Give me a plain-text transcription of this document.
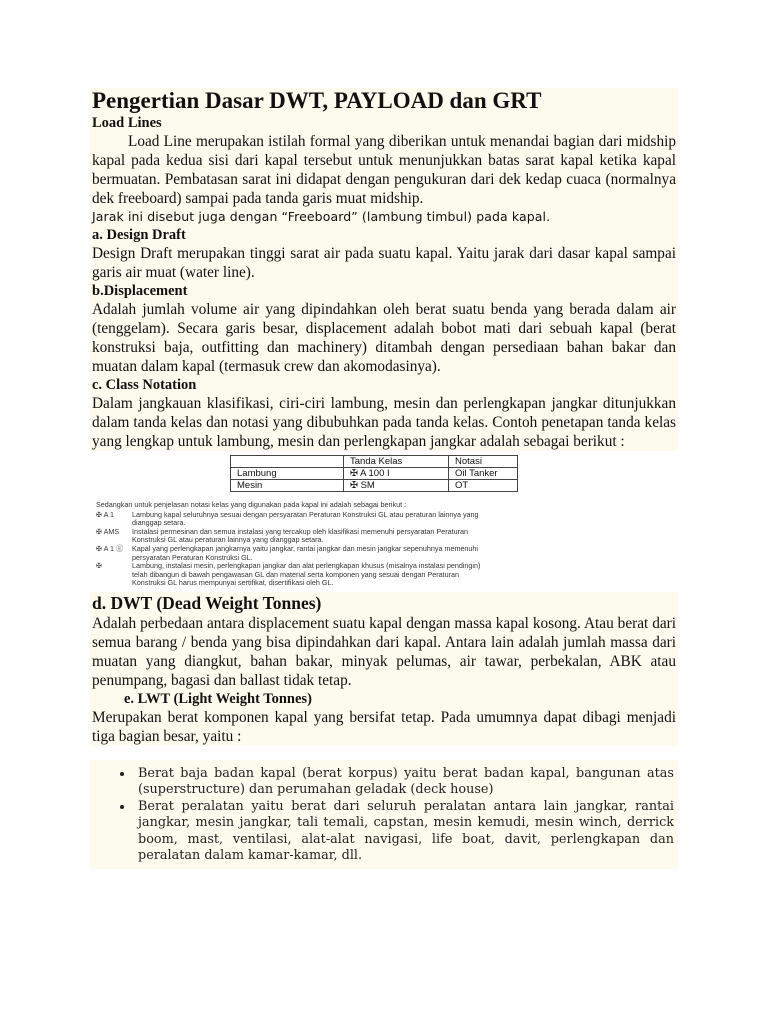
Pengertian Dasar DWT, PAYLOAD dan GRT
Load Lines
Load Line merupakan istilah formal yang diberikan untuk menandai bagian dari midship kapal pada kedua sisi dari kapal tersebut untuk menunjukkan batas sarat kapal ketika kapal bermuatan. Pembatasan sarat ini didapat dengan pengukuran dari dek kedap cuaca (normalnya dek freeboard) sampai pada tanda garis muat midship.
Jarak ini disebut juga dengan “Freeboard” (lambung timbul) pada kapal.
a. Design Draft
Design Draft merupakan tinggi sarat air pada suatu kapal. Yaitu jarak dari dasar kapal sampai garis air muat (water line).
b.Displacement
Adalah jumlah volume air yang dipindahkan oleh berat suatu benda yang berada dalam air (tenggelam). Secara garis besar, displacement adalah bobot mati dari sebuah kapal (berat konstruksi baja, outfitting dan machinery) ditambah dengan persediaan bahan bakar dan muatan dalam kapal (termasuk crew dan akomodasinya).
c. Class Notation
Dalam jangkauan klasifikasi, ciri-ciri lambung, mesin dan perlengkapan jangkar ditunjukkan dalam tanda kelas dan notasi yang dibubuhkan pada tanda kelas. Contoh penetapan tanda kelas yang lengkap untuk lambung, mesin dan perlengkapan jangkar adalah sebagai berikut :
	Tanda Kelas	Notasi
Lambung	✠ A 100 I	Oil Tanker
Mesin	✠ SM	OT
Sedangkan untuk penjelasan notasi kelas yang digunakan pada kapal ini adalah sebagai berikut :
✠ A 1	Lambung kapal seluruhnya sesuai dengan persyaratan Peraturan Konstruksi GL atau peraturan lainnya yang dianggap setara.
✠ AMS	Instalasi permesinan dan semua instalasi yang tercakup oleh klasifikasi memenuhi persyaratan Peraturan Konstruksi GL atau peraturan lainnya yang dianggap setara.
✠ A 1 Ⓔ	Kapal yang perlengkapan jangkarnya yaitu jangkar, rantai jangkar dan mesin jangkar sepenuhnya memenuhi persyaratan Peraturan Konstruksi GL.
✠	Lambung, instalasi mesin, perlengkapan jangkar dan alat perlengkapan khusus (misalnya instalasi pendingin) telah dibangun di bawah pengawasan GL dan material serta komponen yang sesuai dengan Peraturan Konstruksi GL harus mempunyai sertifikat, disertifikasi oleh GL.
d. DWT (Dead Weight Tonnes)
Adalah perbedaan antara displacement suatu kapal dengan massa kapal kosong. Atau berat dari semua barang / benda yang bisa dipindahkan dari kapal. Antara lain adalah jumlah massa dari muatan yang diangkut, bahan bakar, minyak pelumas, air tawar, perbekalan, ABK atau penumpang, bagasi dan ballast tidak tetap.
e. LWT (Light Weight Tonnes)
Merupakan berat komponen kapal yang bersifat tetap. Pada umumnya dapat dibagi menjadi tiga bagian besar, yaitu :
• Berat baja badan kapal (berat korpus) yaitu berat badan kapal, bangunan atas (superstructure) dan perumahan geladak (deck house)
• Berat peralatan yaitu berat dari seluruh peralatan antara lain jangkar, rantai jangkar, mesin jangkar, tali temali, capstan, mesin kemudi, mesin winch, derrick boom, mast, ventilasi, alat-alat navigasi, life boat, davit, perlengkapan dan peralatan dalam kamar-kamar, dll.
